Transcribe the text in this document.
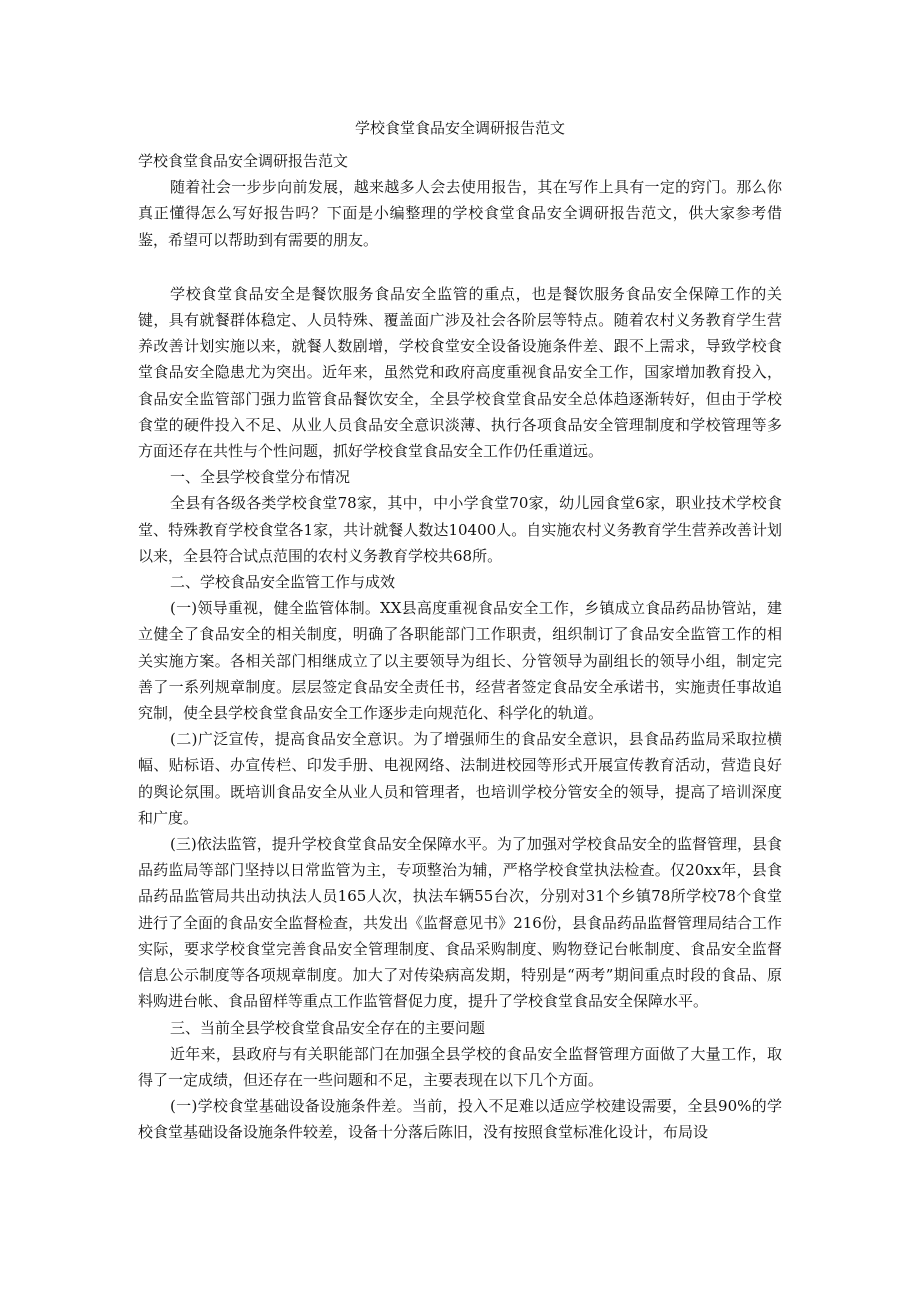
学校食堂食品安全调研报告范文

学校食堂食品安全调研报告范文

随着社会一步步向前发展，越来越多人会去使用报告，其在写作上具有一定的窍门。那么你真正懂得怎么写好报告吗？下面是小编整理的学校食堂食品安全调研报告范文，供大家参考借鉴，希望可以帮助到有需要的朋友。

学校食堂食品安全是餐饮服务食品安全监管的重点，也是餐饮服务食品安全保障工作的关键，具有就餐群体稳定、人员特殊、覆盖面广涉及社会各阶层等特点。随着农村义务教育学生营养改善计划实施以来，就餐人数剧增，学校食堂安全设备设施条件差、跟不上需求，导致学校食堂食品安全隐患尤为突出。近年来，虽然党和政府高度重视食品安全工作，国家增加教育投入，食品安全监管部门强力监管食品餐饮安全，全县学校食堂食品安全总体趋逐渐转好，但由于学校食堂的硬件投入不足、从业人员食品安全意识淡薄、执行各项食品安全管理制度和学校管理等多方面还存在共性与个性问题，抓好学校食堂食品安全工作仍任重道远。

一、全县学校食堂分布情况

全县有各级各类学校食堂78家，其中，中小学食堂70家，幼儿园食堂6家，职业技术学校食堂、特殊教育学校食堂各1家，共计就餐人数达10400人。自实施农村义务教育学生营养改善计划以来，全县符合试点范围的农村义务教育学校共68所。

二、学校食品安全监管工作与成效

(一)领导重视，健全监管体制。XX县高度重视食品安全工作，乡镇成立食品药品协管站，建立健全了食品安全的相关制度，明确了各职能部门工作职责，组织制订了食品安全监管工作的相关实施方案。各相关部门相继成立了以主要领导为组长、分管领导为副组长的领导小组，制定完善了一系列规章制度。层层签定食品安全责任书，经营者签定食品安全承诺书，实施责任事故追究制，使全县学校食堂食品安全工作逐步走向规范化、科学化的轨道。

(二)广泛宣传，提高食品安全意识。为了增强师生的食品安全意识，县食品药监局采取拉横幅、贴标语、办宣传栏、印发手册、电视网络、法制进校园等形式开展宣传教育活动，营造良好的舆论氛围。既培训食品安全从业人员和管理者，也培训学校分管安全的领导，提高了培训深度和广度。

(三)依法监管，提升学校食堂食品安全保障水平。为了加强对学校食品安全的监督管理，县食品药监局等部门坚持以日常监管为主，专项整治为辅，严格学校食堂执法检查。仅20xx年，县食品药品监管局共出动执法人员165人次，执法车辆55台次，分别对31个乡镇78所学校78个食堂进行了全面的食品安全监督检查，共发出《监督意见书》216份，县食品药品监督管理局结合工作实际，要求学校食堂完善食品安全管理制度、食品采购制度、购物登记台帐制度、食品安全监督信息公示制度等各项规章制度。加大了对传染病高发期，特别是“两考”期间重点时段的食品、原料购进台帐、食品留样等重点工作监管督促力度，提升了学校食堂食品安全保障水平。

三、当前全县学校食堂食品安全存在的主要问题

近年来，县政府与有关职能部门在加强全县学校的食品安全监督管理方面做了大量工作，取得了一定成绩，但还存在一些问题和不足，主要表现在以下几个方面。

(一)学校食堂基础设备设施条件差。当前，投入不足难以适应学校建设需要，全县90%的学校食堂基础设备设施条件较差，设备十分落后陈旧，没有按照食堂标准化设计，布局设
